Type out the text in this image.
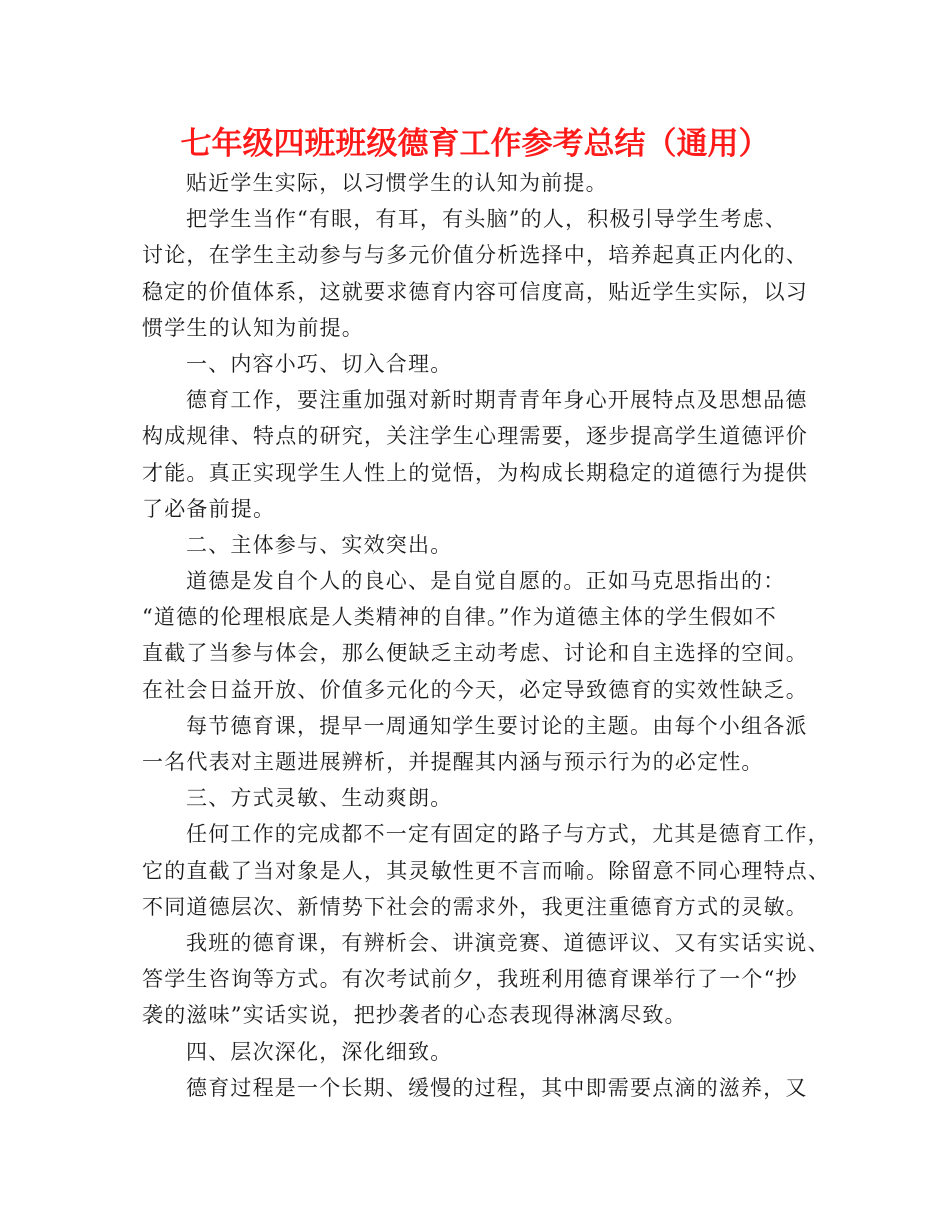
七年级四班班级德育工作参考总结（通用）
贴近学生实际，以习惯学生的认知为前提。
把学生当作“有眼，有耳，有头脑”的人，积极引导学生考虑、
讨论，在学生主动参与与多元价值分析选择中，培养起真正内化的、
稳定的价值体系，这就要求德育内容可信度高，贴近学生实际，以习
惯学生的认知为前提。
一、内容小巧、切入合理。
德育工作，要注重加强对新时期青青年身心开展特点及思想品德
构成规律、特点的研究，关注学生心理需要，逐步提高学生道德评价
才能。真正实现学生人性上的觉悟，为构成长期稳定的道德行为提供
了必备前提。
二、主体参与、实效突出。
道德是发自个人的良心、是自觉自愿的。正如马克思指出的：
“道德的伦理根底是人类精神的自律。”作为道德主体的学生假如不
直截了当参与体会，那么便缺乏主动考虑、讨论和自主选择的空间。
在社会日益开放、价值多元化的今天，必定导致德育的实效性缺乏。
每节德育课，提早一周通知学生要讨论的主题。由每个小组各派
一名代表对主题进展辨析，并提醒其内涵与预示行为的必定性。
三、方式灵敏、生动爽朗。
任何工作的完成都不一定有固定的路子与方式，尤其是德育工作，
它的直截了当对象是人，其灵敏性更不言而喻。除留意不同心理特点、
不同道德层次、新情势下社会的需求外，我更注重德育方式的灵敏。
我班的德育课，有辨析会、讲演竞赛、道德评议、又有实话实说、
答学生咨询等方式。有次考试前夕，我班利用德育课举行了一个“抄
袭的滋味”实话实说，把抄袭者的心态表现得淋漓尽致。
四、层次深化，深化细致。
德育过程是一个长期、缓慢的过程，其中即需要点滴的滋养，又
